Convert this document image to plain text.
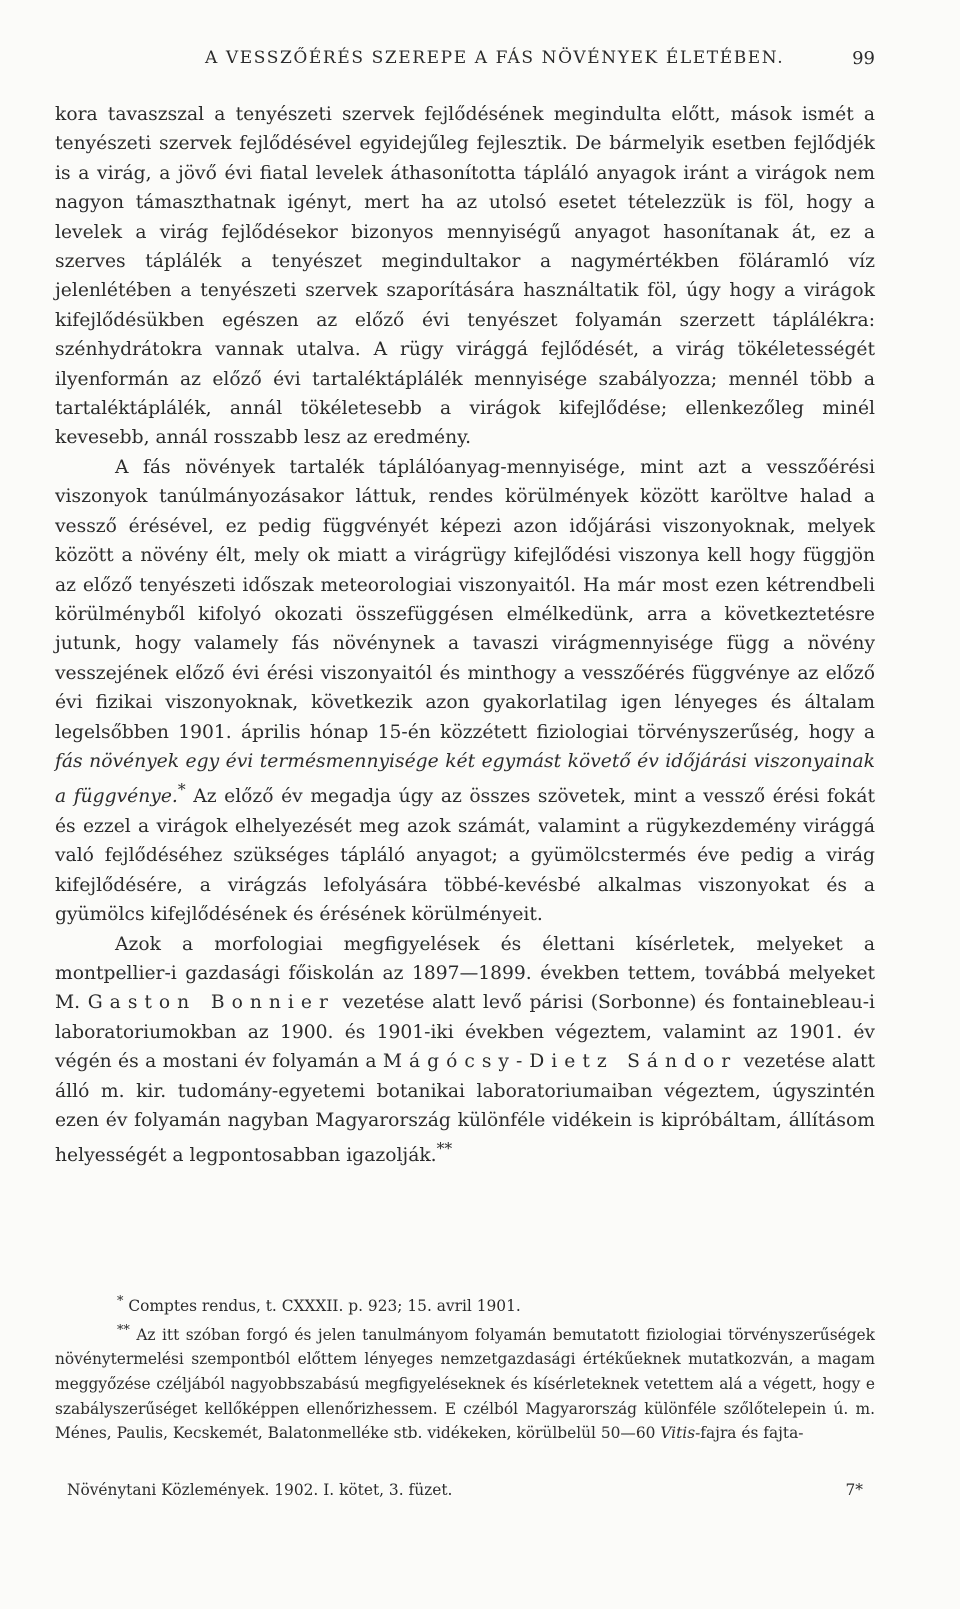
A VESSZŐÉRÉS SZEREPE A FÁS NÖVÉNYEK ÉLETÉBEN.	99

kora tavaszszal a tenyészeti szervek fejlődésének megindulta előtt, mások ismét a tenyészeti szervek fejlődésével egyidejűleg fejlesztik. De bármelyik esetben fejlődjék is a virág, a jövő évi fiatal levelek áthasonította tápláló anyagok iránt a virágok nem nagyon támaszthatnak igényt, mert ha az utolsó esetet tételezzük is föl, hogy a levelek a virág fejlődésekor bizonyos mennyiségű anyagot hasonítanak át, ez a szerves táplálék a tenyészet megindultakor a nagymértékben föláramló víz jelenlétében a tenyészeti szervek szaporítására használtatik föl, úgy hogy a virágok kifejlődésükben egészen az előző évi tenyészet folyamán szerzett táplálékra: szénhydrátokra vannak utalva. A rügy virággá fejlődését, a virág tökéletességét ilyenformán az előző évi tartaléktáplálék mennyisége szabályozza; mennél több a tartaléktáplálék, annál tökéletesebb a virágok kifejlődése; ellenkezőleg minél kevesebb, annál rosszabb lesz az eredmény.

A fás növények tartalék táplálóanyag-mennyisége, mint azt a vesszőérési viszonyok tanúlmányozásakor láttuk, rendes körülmények között karöltve halad a vessző érésével, ez pedig függvényét képezi azon időjárási viszonyoknak, melyek között a növény élt, mely ok miatt a virágrügy kifejlődési viszonya kell hogy függjön az előző tenyészeti időszak meteorologiai viszonyaitól. Ha már most ezen kétrendbeli körülményből kifolyó okozati összefüggésen elmélkedünk, arra a következtetésre jutunk, hogy valamely fás növénynek a tavaszi virágmennyisége függ a növény vesszejének előző évi érési viszonyaitól és minthogy a vesszőérés függvénye az előző évi fizikai viszonyoknak, következik azon gyakorlatilag igen lényeges és általam legelsőbben 1901. április hónap 15-én közzétett fiziologiai törvényszerűség, hogy a fás növények egy évi termésmennyisége két egymást követő év időjárási viszonyainak a függvénye.* Az előző év megadja úgy az összes szövetek, mint a vessző érési fokát és ezzel a virágok elhelyezését meg azok számát, valamint a rügykezdemény virággá való fejlődéséhez szükséges tápláló anyagot; a gyümölcstermés éve pedig a virág kifejlődésére, a virágzás lefolyására többé-kevésbé alkalmas viszonyokat és a gyümölcs kifejlődésének és érésének körülményeit.

Azok a morfologiai megfigyelések és élettani kísérletek, melyeket a montpellier-i gazdasági főiskolán az 1897—1899. években tettem, továbbá melyeket M. Gaston Bonnier vezetése alatt levő párisi (Sorbonne) és fontainebleau-i laboratoriumokban az 1900. és 1901-iki években végeztem, valamint az 1901. év végén és a mostani év folyamán a Mágócsy-Dietz Sándor vezetése alatt álló m. kir. tudomány-egyetemi botanikai laboratoriumaiban végeztem, úgyszintén ezen év folyamán nagyban Magyarország különféle vidékein is kipróbáltam, állításom helyességét a legpontosabban igazolják.**

* Comptes rendus, t. CXXXII. p. 923; 15. avril 1901.

** Az itt szóban forgó és jelen tanulmányom folyamán bemutatott fiziologiai törvényszerűségek növénytermelési szempontból előttem lényeges nemzetgazdasági értékűeknek mutatkozván, a magam meggyőzése czéljából nagyobbszabású megfigyeléseknek és kísérleteknek vetettem alá a végett, hogy e szabályszerűséget kellőképpen ellenőrizhessem. E czélból Magyarország különféle szőlőtelepein ú. m. Ménes, Paulis, Kecskemét, Balatonmelléke stb. vidékeken, körülbelül 50—60 Vitis-fajra és fajta-

Növénytani Közlemények. 1902. I. kötet, 3. füzet.	7*
